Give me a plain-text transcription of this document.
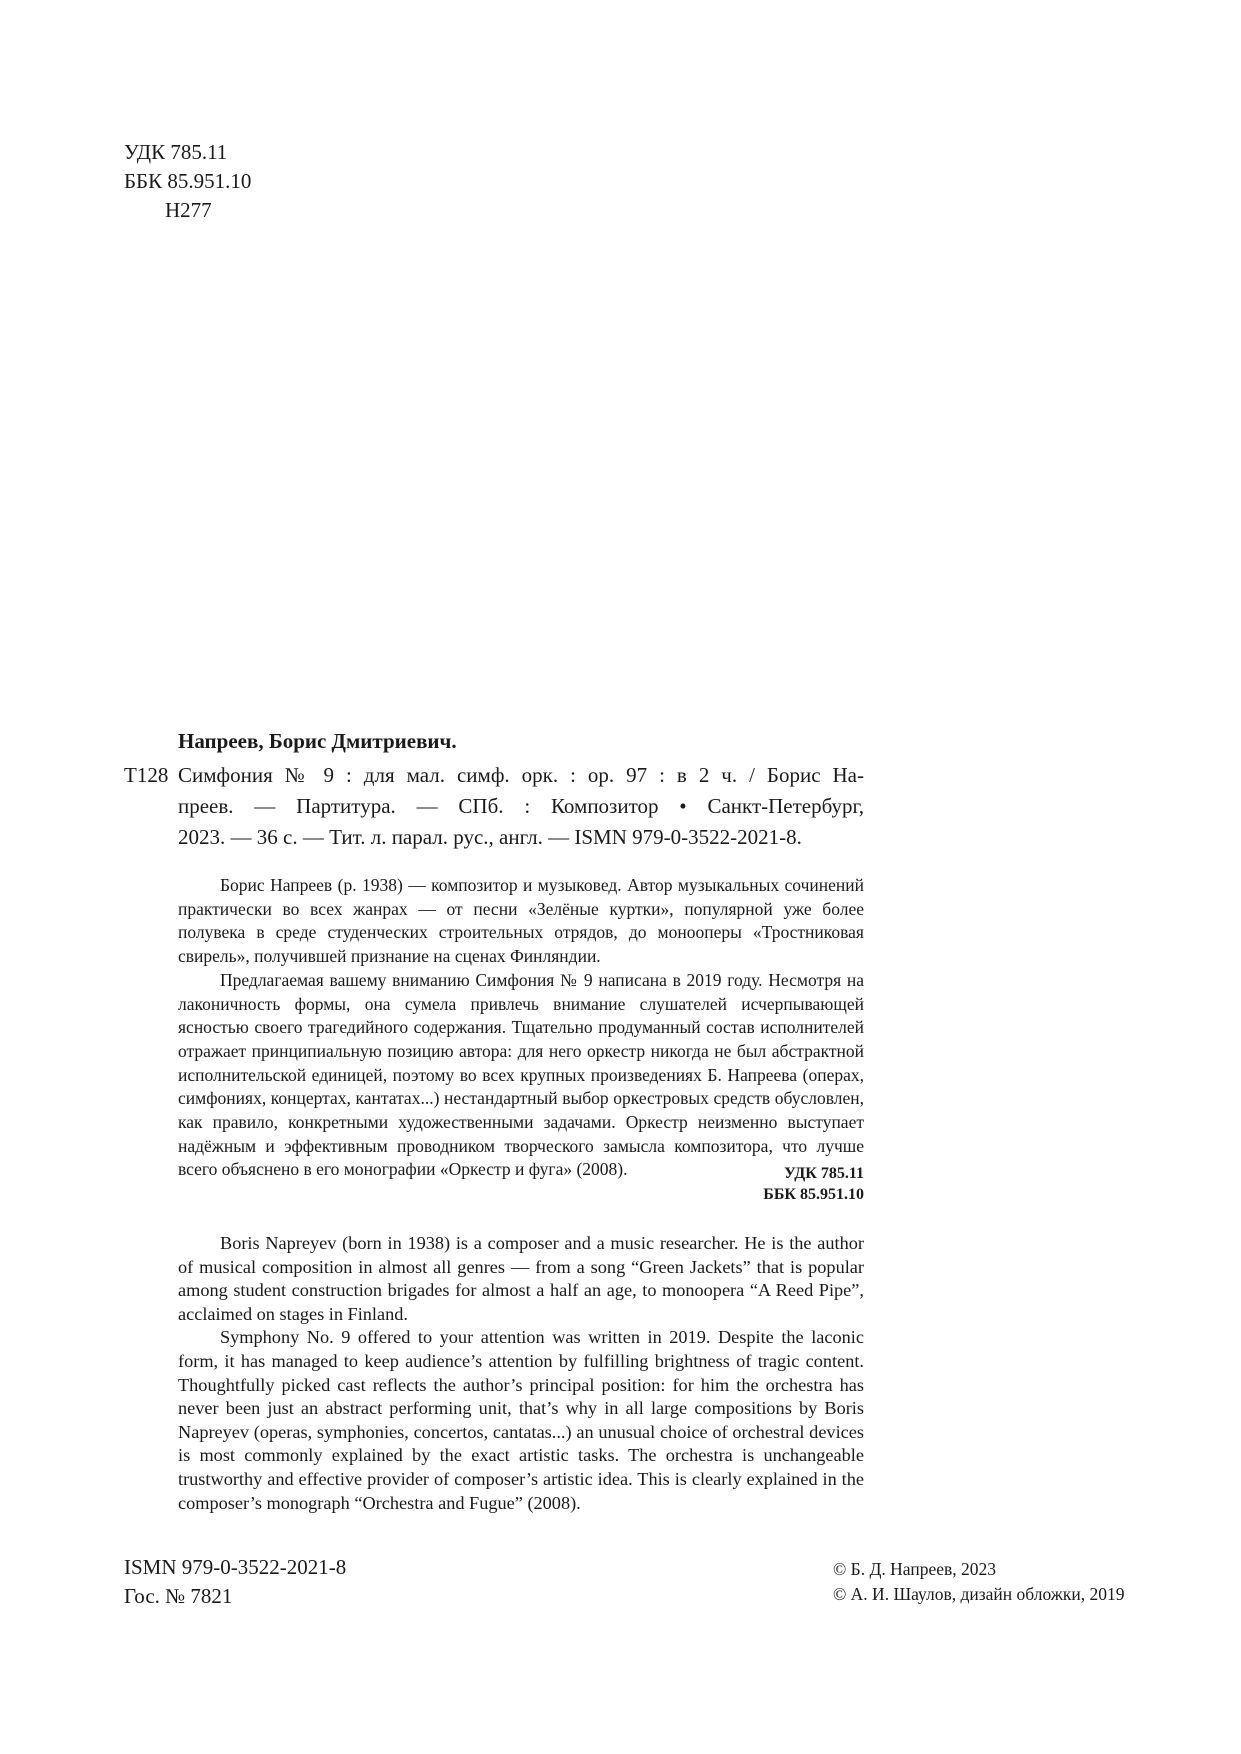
УДК 785.11
ББК 85.951.10
Н277
Напреев, Борис Дмитриевич.
Т128 Симфония № 9 : для мал. симф. орк. : ор. 97 : в 2 ч. / Борис На-
преев. — Партитура. — СПб. : Композитор • Санкт-Петербург,
2023. — 36 с. — Тит. л. парал. рус., англ. — ISMN 979-0-3522-2021-8.

Борис Напреев (р. 1938) — композитор и музыковед. Автор музыкальных сочинений практически во всех жанрах — от песни «Зелёные куртки», популярной уже более полувека в среде студенческих строительных отрядов, до монооперы «Тростниковая свирель», получившей признание на сценах Финляндии.

Предлагаемая вашему вниманию Симфония № 9 написана в 2019 году. Несмотря на лаконичность формы, она сумела привлечь внимание слушателей исчерпывающей ясностью своего трагедийного содержания. Тщательно продуманный состав исполнителей отражает принципиальную позицию автора: для него оркестр никогда не был абстрактной исполнительской единицей, поэтому во всех крупных произведениях Б. Напреева (операх, симфониях, концертах, кантатах...) нестандартный выбор оркестровых средств обусловлен, как правило, конкретными художественными задачами. Оркестр неизменно выступает надёжным и эффективным проводником творческого замысла композитора, что лучше всего объяснено в его монографии «Оркестр и фуга» (2008).	УДК 785.11
ББК 85.951.10

Boris Napreyev (born in 1938) is a composer and a music researcher. He is the author of musical composition in almost all genres — from a song “Green Jackets” that is popular among student construction brigades for almost a half an age, to monoopera “A Reed Pipe”, acclaimed on stages in Finland.

Symphony No. 9 offered to your attention was written in 2019. Despite the laconic form, it has managed to keep audience’s attention by fulfilling brightness of tragic content. Thoughtfully picked cast reflects the author’s principal position: for him the orchestra has never been just an abstract performing unit, that’s why in all large compositions by Boris Napreyev (operas, symphonies, concertos, cantatas...) an unusual choice of orchestral devices is most commonly explained by the exact artistic tasks. The orchestra is unchangeable trustworthy and effective provider of composer’s artistic idea. This is clearly explained in the composer’s monograph “Orchestra and Fugue” (2008).

ISMN 979-0-3522-2021-8
Гос. № 7821
© Б. Д. Напреев, 2023
© А. И. Шаулов, дизайн обложки, 2019
